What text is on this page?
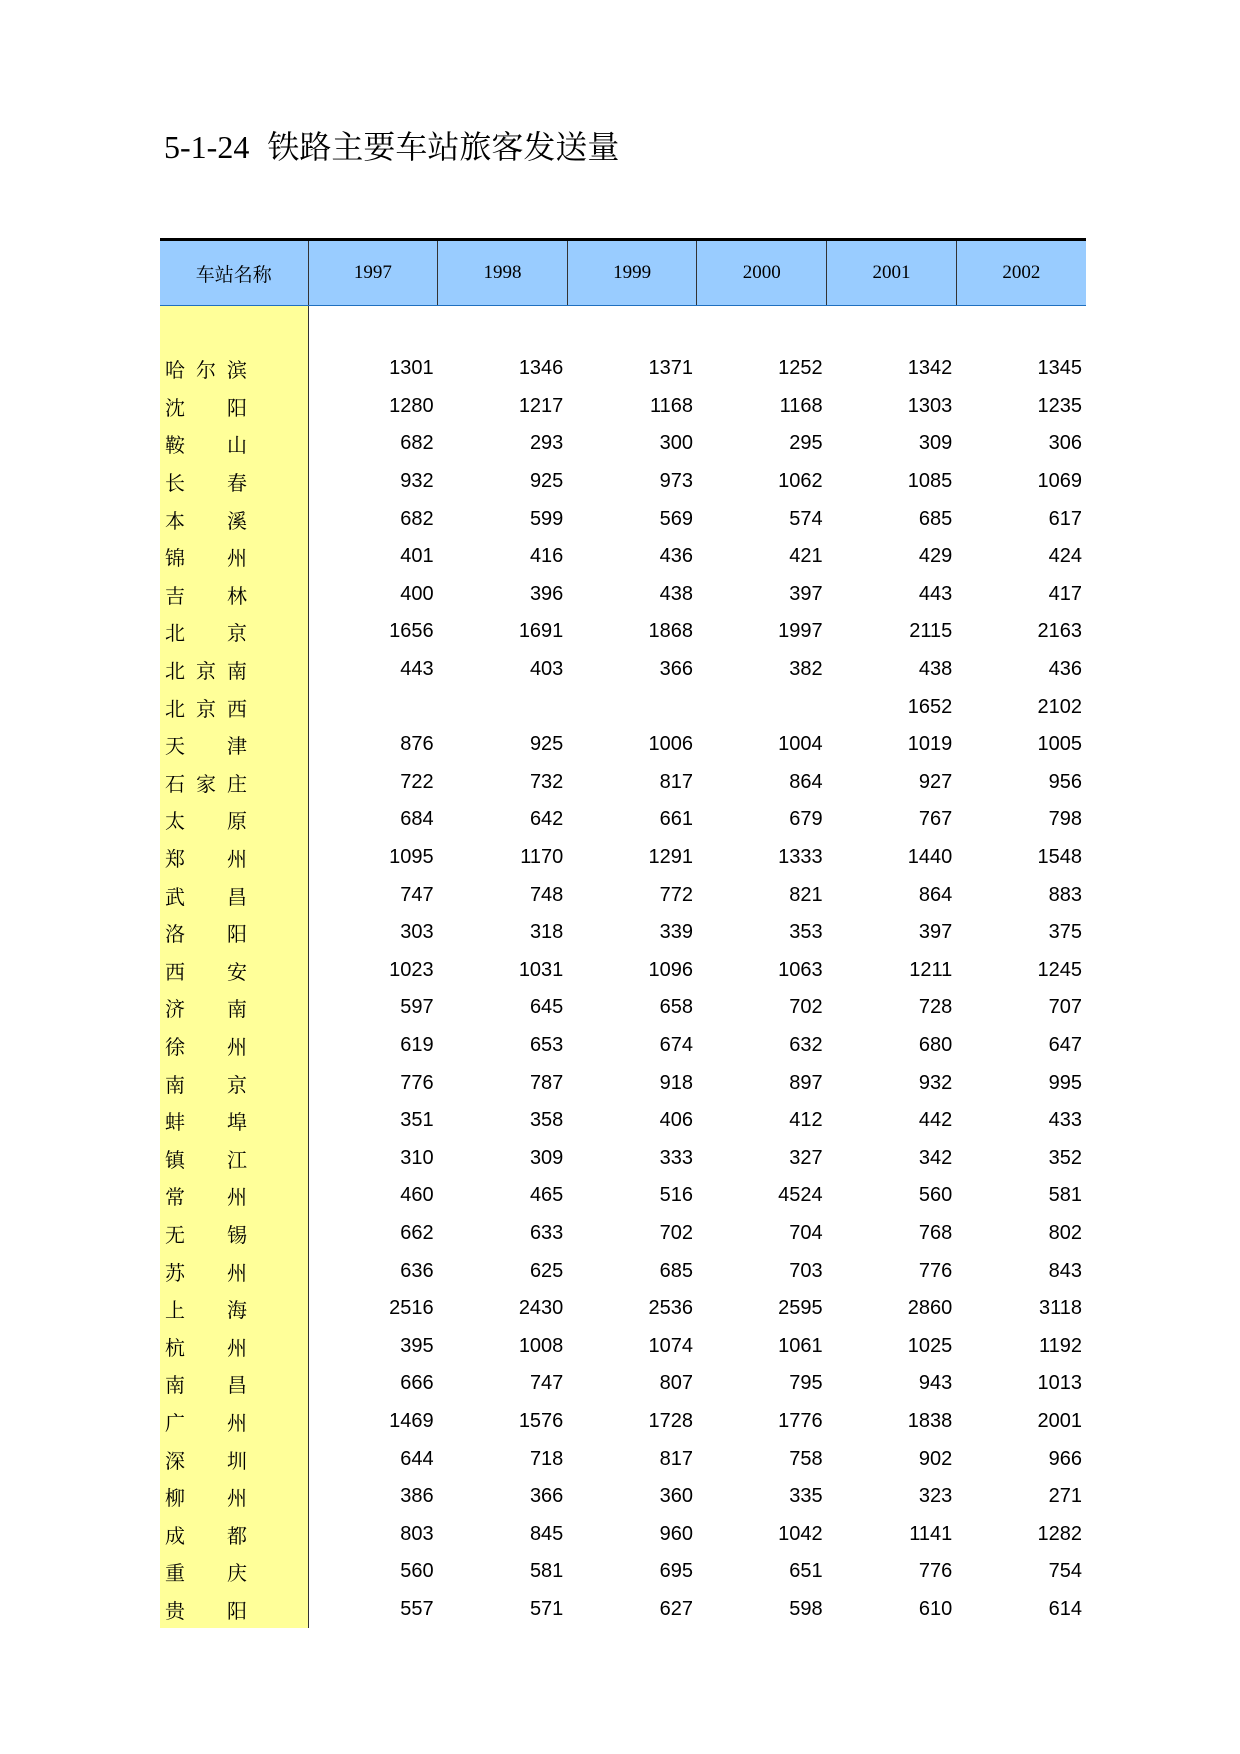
5-1-24 铁路主要车站旅客发送量
车站名称	1997	1998	1999	2000	2001	2002

哈 尔 滨	1301	1346	1371	1252	1342	1345

沈 阳	1280	1217	1168	1168	1303	1235

鞍 山	682	293	300	295	309	306

长 春	932	925	973	1062	1085	1069

本 溪	682	599	569	574	685	617

锦 州	401	416	436	421	429	424

吉 林	400	396	438	397	443	417

北 京	1656	1691	1868	1997	2115	2163

北 京 南	443	403	366	382	438	436

北 京 西					1652	2102

天 津	876	925	1006	1004	1019	1005

石 家 庄	722	732	817	864	927	956

太 原	684	642	661	679	767	798

郑 州	1095	1170	1291	1333	1440	1548

武 昌	747	748	772	821	864	883

洛 阳	303	318	339	353	397	375

西 安	1023	1031	1096	1063	1211	1245

济 南	597	645	658	702	728	707

徐 州	619	653	674	632	680	647

南 京	776	787	918	897	932	995

蚌 埠	351	358	406	412	442	433

镇 江	310	309	333	327	342	352

常 州	460	465	516	4524	560	581

无 锡	662	633	702	704	768	802

苏 州	636	625	685	703	776	843

上 海	2516	2430	2536	2595	2860	3118

杭 州	395	1008	1074	1061	1025	1192

南 昌	666	747	807	795	943	1013

广 州	1469	1576	1728	1776	1838	2001

深 圳	644	718	817	758	902	966

柳 州	386	366	360	335	323	271

成 都	803	845	960	1042	1141	1282

重 庆	560	581	695	651	776	754

贵 阳	557	571	627	598	610	614
